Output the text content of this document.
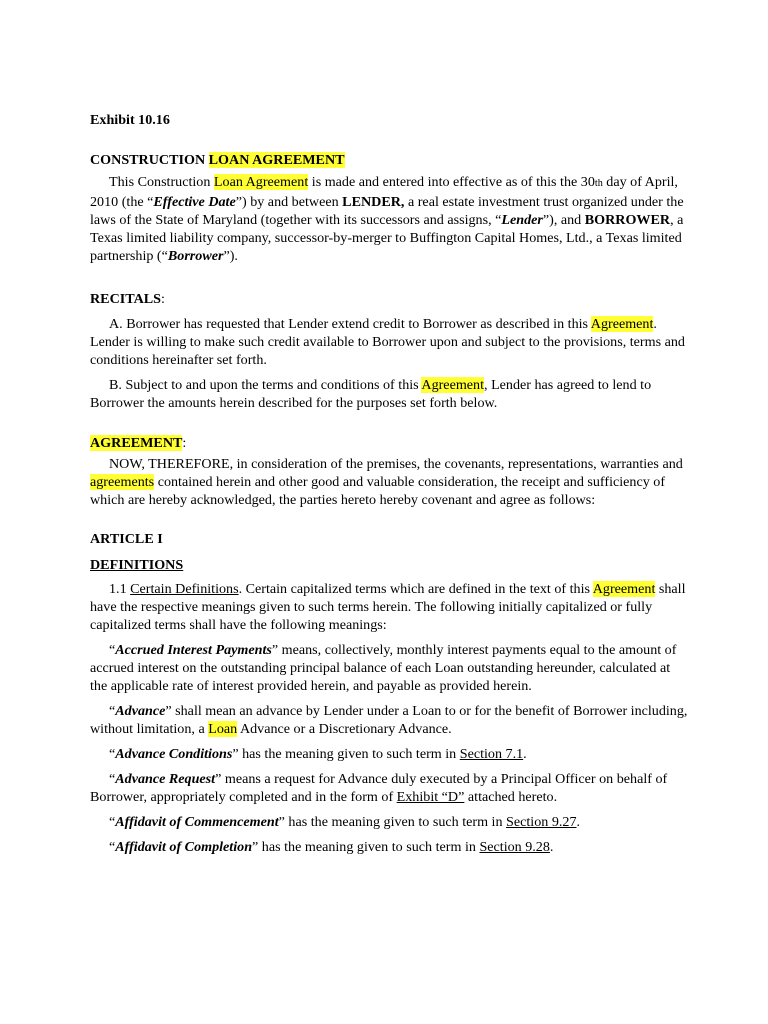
Exhibit 10.16

CONSTRUCTION LOAN AGREEMENT

This Construction Loan Agreement is made and entered into effective as of this the 30th day of April, 2010 (the “Effective Date”) by and between LENDER, a real estate investment trust organized under the laws of the State of Maryland (together with its successors and assigns, “Lender”), and BORROWER, a Texas limited liability company, successor-by-merger to Buffington Capital Homes, Ltd., a Texas limited partnership (“Borrower”).

RECITALS:

A. Borrower has requested that Lender extend credit to Borrower as described in this Agreement. Lender is willing to make such credit available to Borrower upon and subject to the provisions, terms and conditions hereinafter set forth.

B. Subject to and upon the terms and conditions of this Agreement, Lender has agreed to lend to Borrower the amounts herein described for the purposes set forth below.

AGREEMENT:

NOW, THEREFORE, in consideration of the premises, the covenants, representations, warranties and agreements contained herein and other good and valuable consideration, the receipt and sufficiency of which are hereby acknowledged, the parties hereto hereby covenant and agree as follows:

ARTICLE I

DEFINITIONS

1.1 Certain Definitions. Certain capitalized terms which are defined in the text of this Agreement shall have the respective meanings given to such terms herein. The following initially capitalized or fully capitalized terms shall have the following meanings:

“Accrued Interest Payments” means, collectively, monthly interest payments equal to the amount of accrued interest on the outstanding principal balance of each Loan outstanding hereunder, calculated at the applicable rate of interest provided herein, and payable as provided herein.

“Advance” shall mean an advance by Lender under a Loan to or for the benefit of Borrower including, without limitation, a Loan Advance or a Discretionary Advance.

“Advance Conditions” has the meaning given to such term in Section 7.1.

“Advance Request” means a request for Advance duly executed by a Principal Officer on behalf of Borrower, appropriately completed and in the form of Exhibit “D” attached hereto.

“Affidavit of Commencement” has the meaning given to such term in Section 9.27.

“Affidavit of Completion” has the meaning given to such term in Section 9.28.
